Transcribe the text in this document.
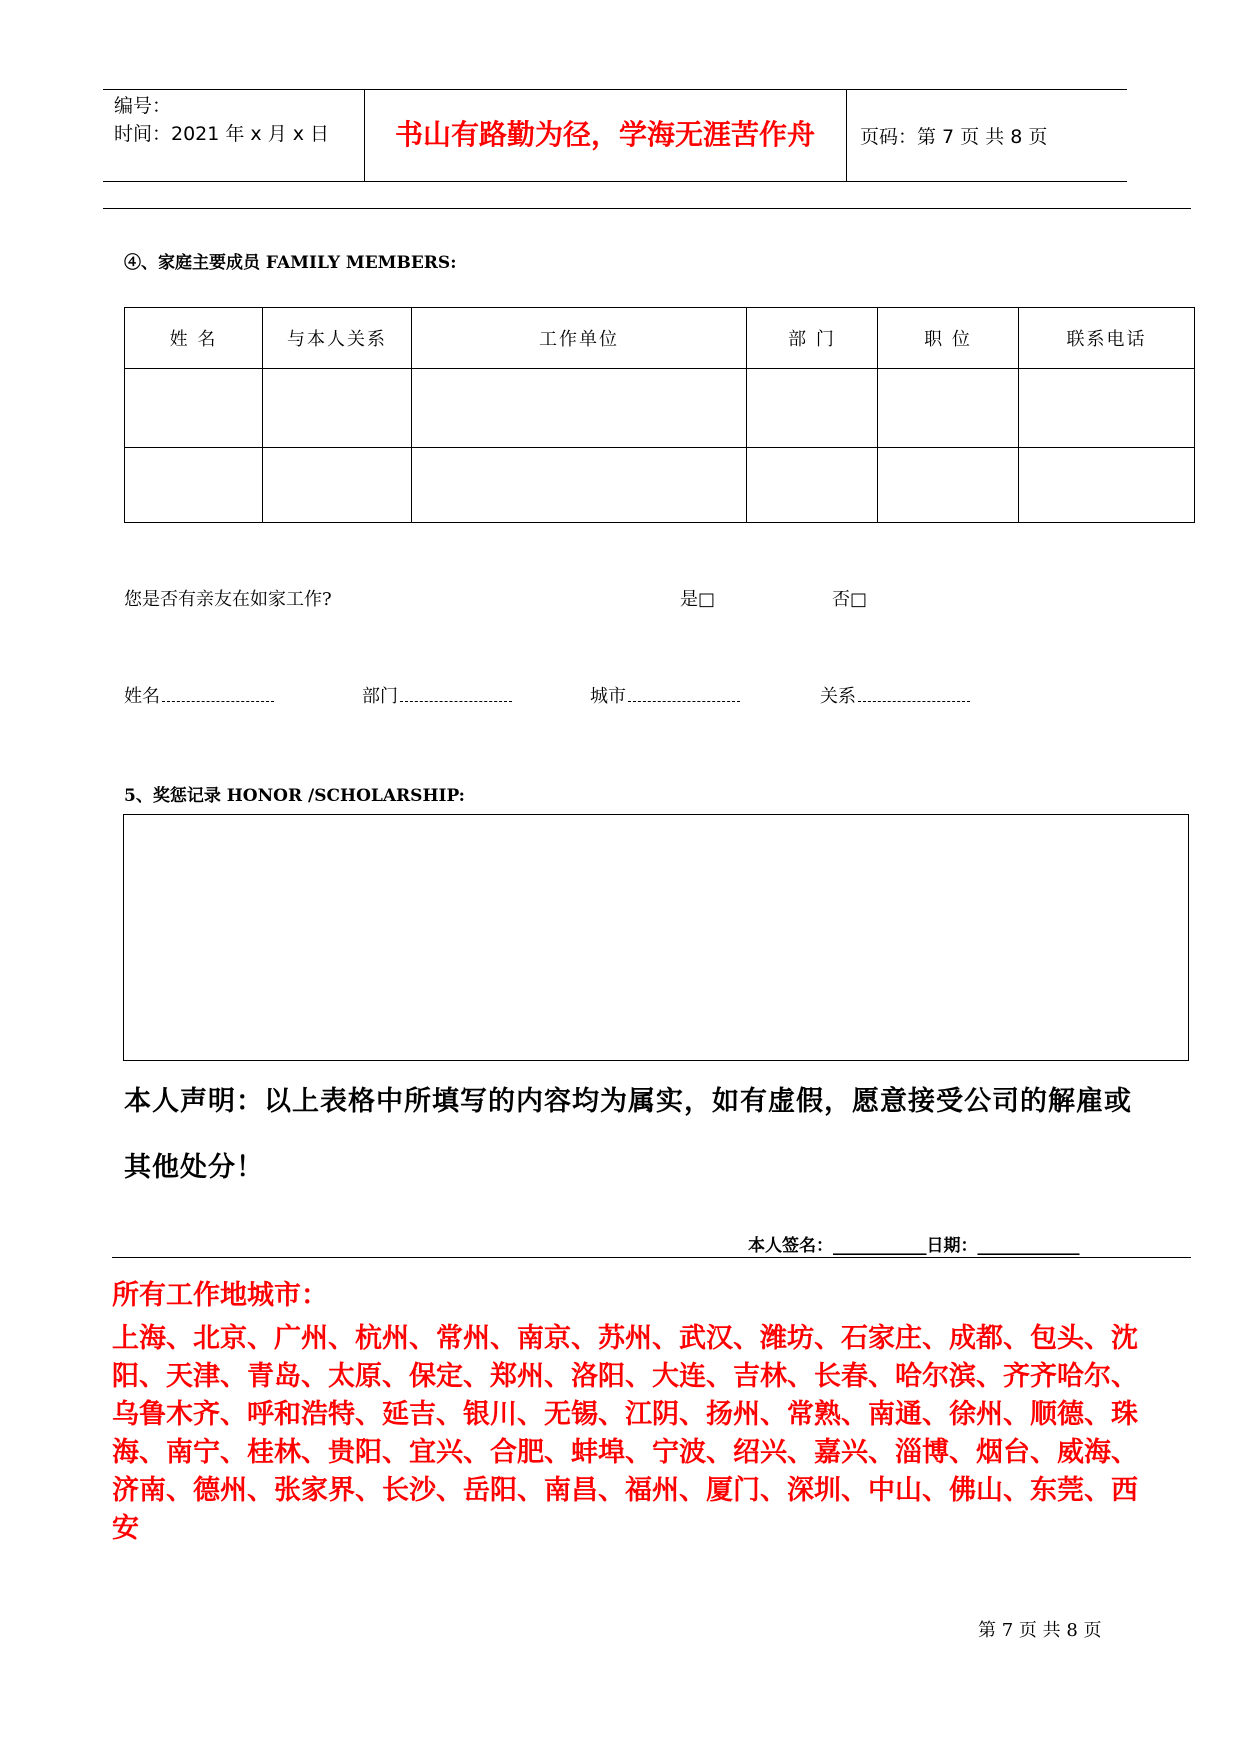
编号：
时间：2021 年 x 月 x 日	书山有路勤为径，学海无涯苦作舟	页码：第 7 页 共 8 页
④、家庭主要成员 FAMILY MEMBERS:
姓 名	与本人关系	工作单位	部 门	职 位	联系电话

您是否有亲友在如家工作?	是□	否□
姓名	部门	城市	关系
5、奖惩记录 HONOR /SCHOLARSHIP:
本人声明：以上表格中所填写的内容均为属实，如有虚假，愿意接受公司的解雇或
其他处分！
本人签名：___________日期：____________
所有工作地城市：
上海、北京、广州、杭州、常州、南京、苏州、武汉、潍坊、石家庄、成都、包头、沈阳、天津、青岛、太原、保定、郑州、洛阳、大连、吉林、长春、哈尔滨、齐齐哈尔、乌鲁木齐、呼和浩特、延吉、银川、无锡、江阴、扬州、常熟、南通、徐州、顺德、珠海、南宁、桂林、贵阳、宜兴、合肥、蚌埠、宁波、绍兴、嘉兴、淄博、烟台、威海、济南、德州、张家界、长沙、岳阳、南昌、福州、厦门、深圳、中山、佛山、东莞、西安
第 7 页 共 8 页
